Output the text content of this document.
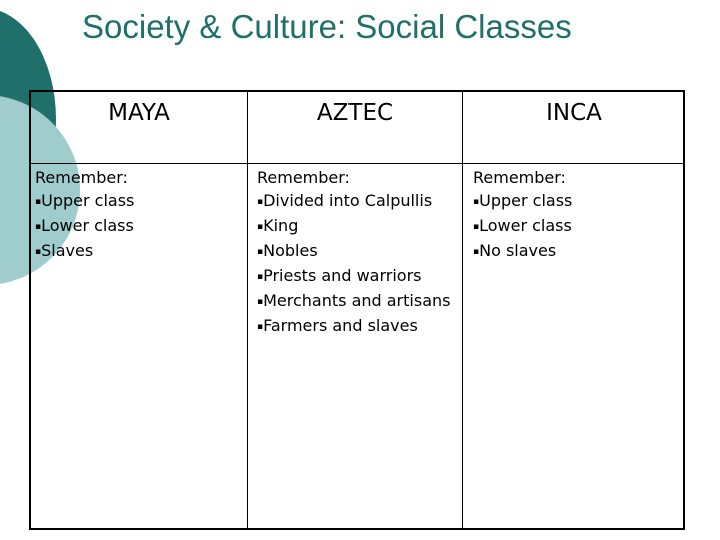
Society & Culture: Social Classes
MAYA	AZTEC	INCA
Remember:
▪Upper class
▪Lower class
▪Slaves
Remember:
▪Divided into Calpullis
▪King
▪Nobles
▪Priests and warriors
▪Merchants and artisans
▪Farmers and slaves
Remember:
▪Upper class
▪Lower class
▪No slaves
